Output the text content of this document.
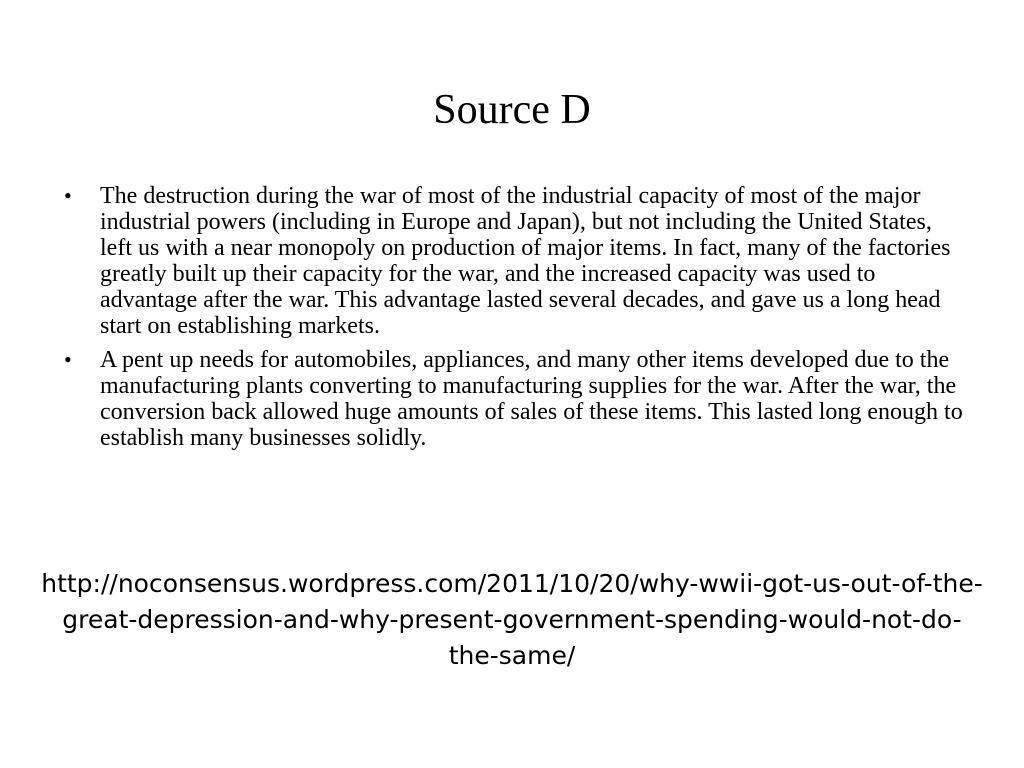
Source D
• The destruction during the war of most of the industrial capacity of most of the major industrial powers (including in Europe and Japan), but not including the United States, left us with a near monopoly on production of major items. In fact, many of the factories greatly built up their capacity for the war, and the increased capacity was used to advantage after the war. This advantage lasted several decades, and gave us a long head start on establishing markets.
• A pent up needs for automobiles, appliances, and many other items developed due to the manufacturing plants converting to manufacturing supplies for the war. After the war, the conversion back allowed huge amounts of sales of these items. This lasted long enough to establish many businesses solidly.
http://noconsensus.wordpress.com/2011/10/20/why-wwii-got-us-out-of-the-great-depression-and-why-present-government-spending-would-not-do-the-same/
